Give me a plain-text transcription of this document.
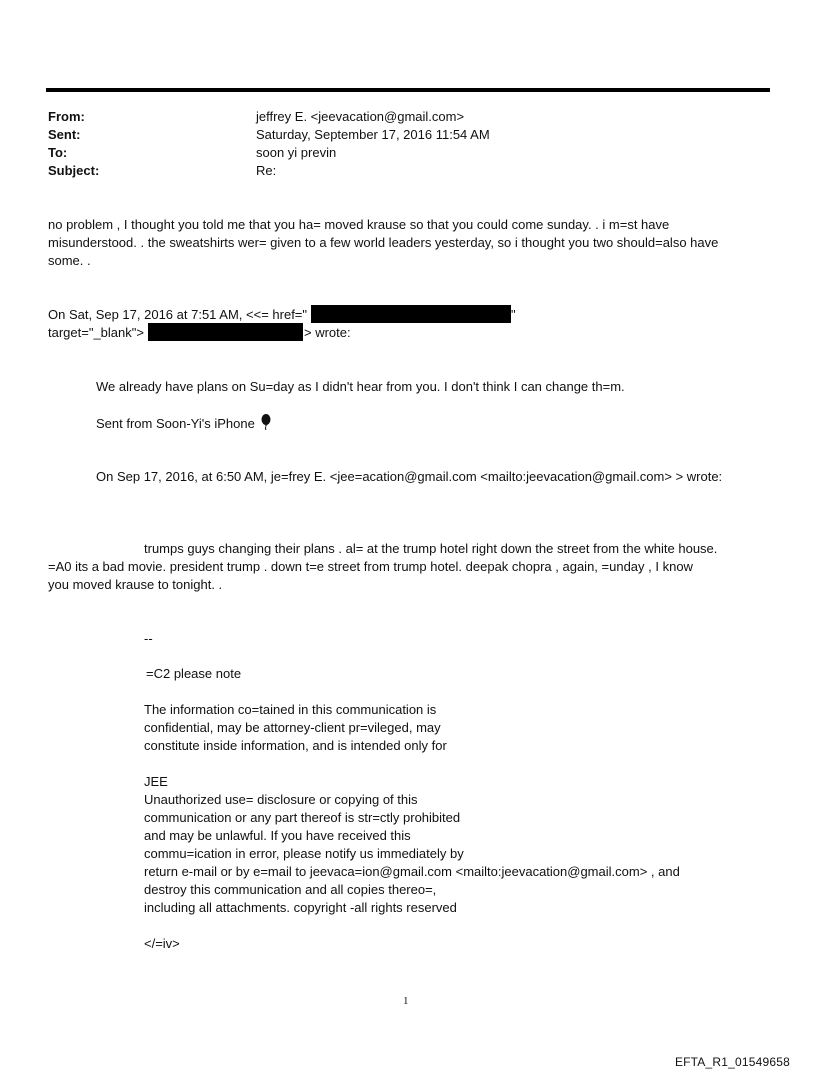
From:	jeffrey E. <jeevacation@gmail.com>
Sent:	Saturday, September 17, 2016 11:54 AM
To:	soon yi previn
Subject:	Re:
no problem , I thought you told me that you ha= moved krause so that you could come sunday. . i m=st have
misunderstood. . the sweatshirts wer= given to a few world leaders yesterday, so i thought you two should=also have
some. .
On Sat, Sep 17, 2016 at 7:51 AM, <<= href="	"
target="_blank">	> wrote:
We already have plans on Su=day as I didn't hear from you. I don't think I can change th=m.
Sent from Soon-Yi's iPhone
On Sep 17, 2016, at 6:50 AM, je=frey E. <jee=acation@gmail.com <mailto:jeevacation@gmail.com> > wrote:
trumps guys changing their plans . al= at the trump hotel right down the street from the white house.
=A0 its a bad movie. president trump . down t=e street from trump hotel. deepak chopra , again, =unday , I know
you moved krause to tonight. .
--
=C2 please note
The information co=tained in this communication is
confidential, may be attorney-client pr=vileged, may
constitute inside information, and is intended only for
JEE
Unauthorized use= disclosure or copying of this
communication or any part thereof is str=ctly prohibited
and may be unlawful. If you have received this
commu=ication in error, please notify us immediately by
return e-mail or by e=mail to jeevaca=ion@gmail.com <mailto:jeevacation@gmail.com> , and
destroy this communication and all copies thereo=,
including all attachments. copyright -all rights reserved
</=iv>
1
EFTA_R1_01549658
